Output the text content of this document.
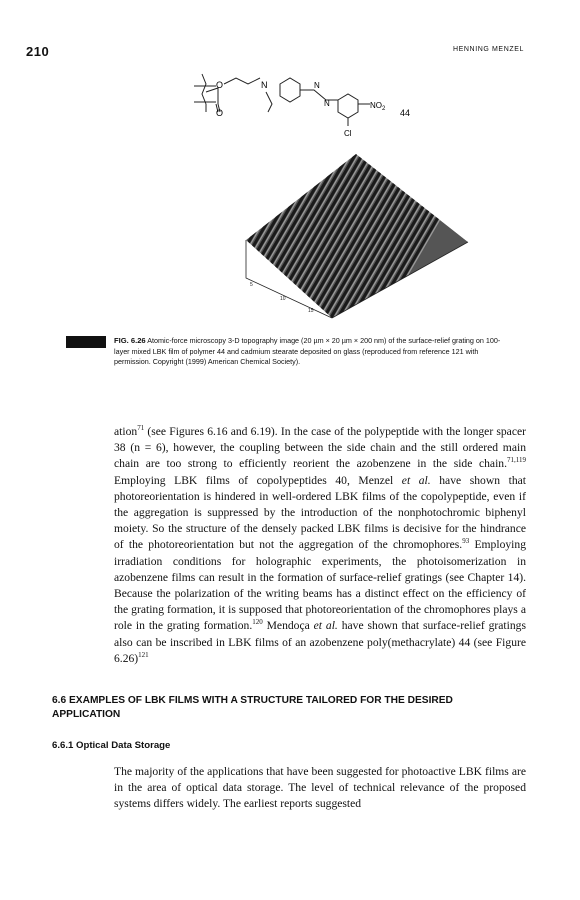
210	HENNING MENZEL
O
O
N	N
N	$NO_2$
Cl
44
5
10
15
FIG. 6.26 Atomic-force microscopy 3-D topography image (20 µm × 20 µm × 200 nm) of the surface-relief grating on 100-layer mixed LBK film of polymer 44 and cadmium stearate deposited on glass (reproduced from reference 121 with permission. Copyright (1999) American Chemical Society).
ation$^{71}$ (see Figures 6.16 and 6.19). In the case of the polypeptide with the longer spacer 38 (n = 6), however, the coupling between the side chain and the still ordered main chain are too strong to efficiently reorient the azobenzene in the side chain.$^{71,119}$ Employing LBK films of copolypeptides 40, Menzel et al. have shown that photoreorientation is hindered in well-ordered LBK films of the copolypeptide, even if the aggregation is suppressed by the introduction of the nonphotochromic biphenyl moiety. So the structure of the densely packed LBK films is decisive for the hindrance of the photoreorientation but not the aggregation of the chromophores.$^{93}$ Employing irradiation conditions for holographic experiments, the photoisomerization in azobenzene films can result in the formation of surface-relief gratings (see Chapter 14). Because the polarization of the writing beams has a distinct effect on the efficiency of the grating formation, it is supposed that photoreorientation of the chromophores plays a role in the grating formation.$^{120}$ Mendoça et al. have shown that surface-relief gratings also can be inscribed in LBK films of an azobenzene poly(methacrylate) 44 (see Figure 6.26)$^{121}$
6.6 EXAMPLES OF LBK FILMS WITH A STRUCTURE TAILORED FOR THE DESIRED APPLICATION
6.6.1 Optical Data Storage
The majority of the applications that have been suggested for photoactive LBK films are in the area of optical data storage. The level of technical relevance of the proposed systems differs widely. The earliest reports suggested
